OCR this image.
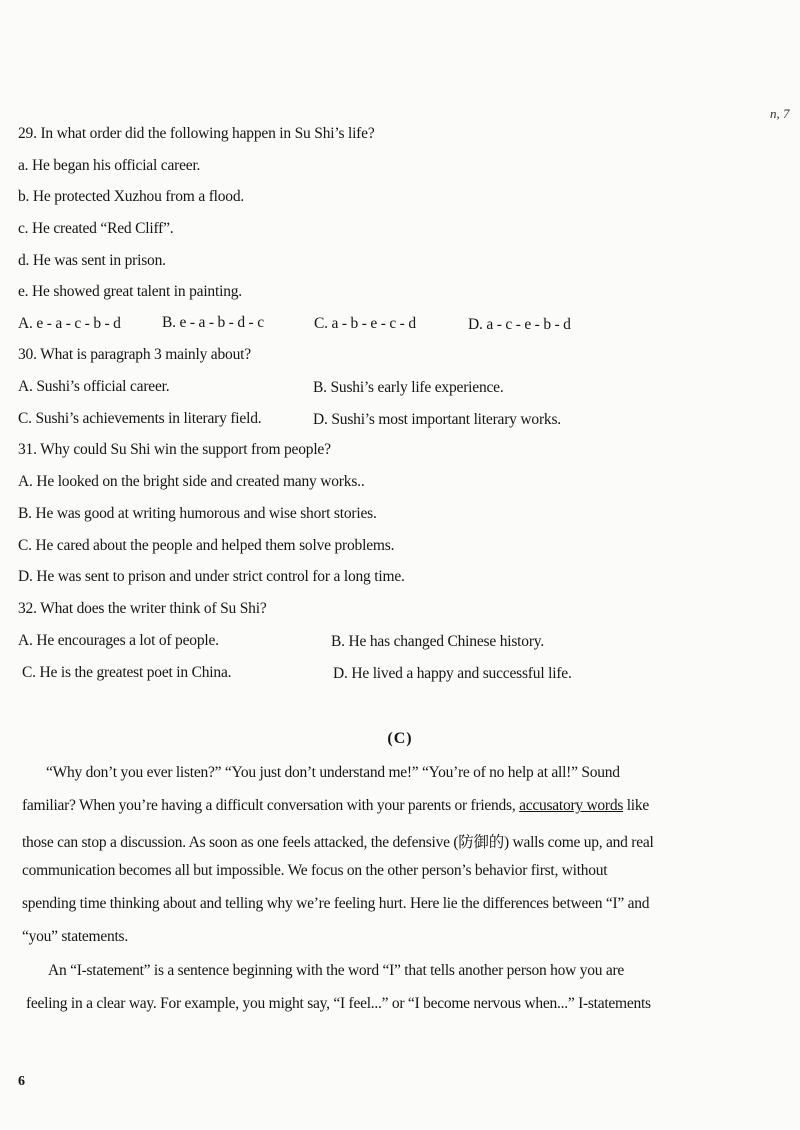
n, 7
29. In what order did the following happen in Su Shi’s life?
a. He began his official career.
b. He protected Xuzhou from a flood.
c. He created “Red Cliff”.
d. He was sent in prison.
e. He showed great talent in painting.
A. e - a - c - b - d	B. e - a - b - d - c	C. a - b - e - c - d	D. a - c - e - b - d
30. What is paragraph 3 mainly about?
A. Sushi’s official career.	B. Sushi’s early life experience.
C. Sushi’s achievements in literary field.	D. Sushi’s most important literary works.
31. Why could Su Shi win the support from people?
A. He looked on the bright side and created many works..
B. He was good at writing humorous and wise short stories.
C. He cared about the people and helped them solve problems.
D. He was sent to prison and under strict control for a long time.
32. What does the writer think of Su Shi?
A. He encourages a lot of people.	B. He has changed Chinese history.
C. He is the greatest poet in China.	D. He lived a happy and successful life.
(C)
“Why don’t you ever listen?” “You just don’t understand me!” “You’re of no help at all!” Sound
familiar? When you’re having a difficult conversation with your parents or friends, accusatory words like
those can stop a discussion. As soon as one feels attacked, the defensive (防御的) walls come up, and real
communication becomes all but impossible. We focus on the other person’s behavior first, without
spending time thinking about and telling why we’re feeling hurt. Here lie the differences between “I” and
“you” statements.
An “I-statement” is a sentence beginning with the word “I” that tells another person how you are
feeling in a clear way. For example, you might say, “I feel...” or “I become nervous when...” I-statements
6
